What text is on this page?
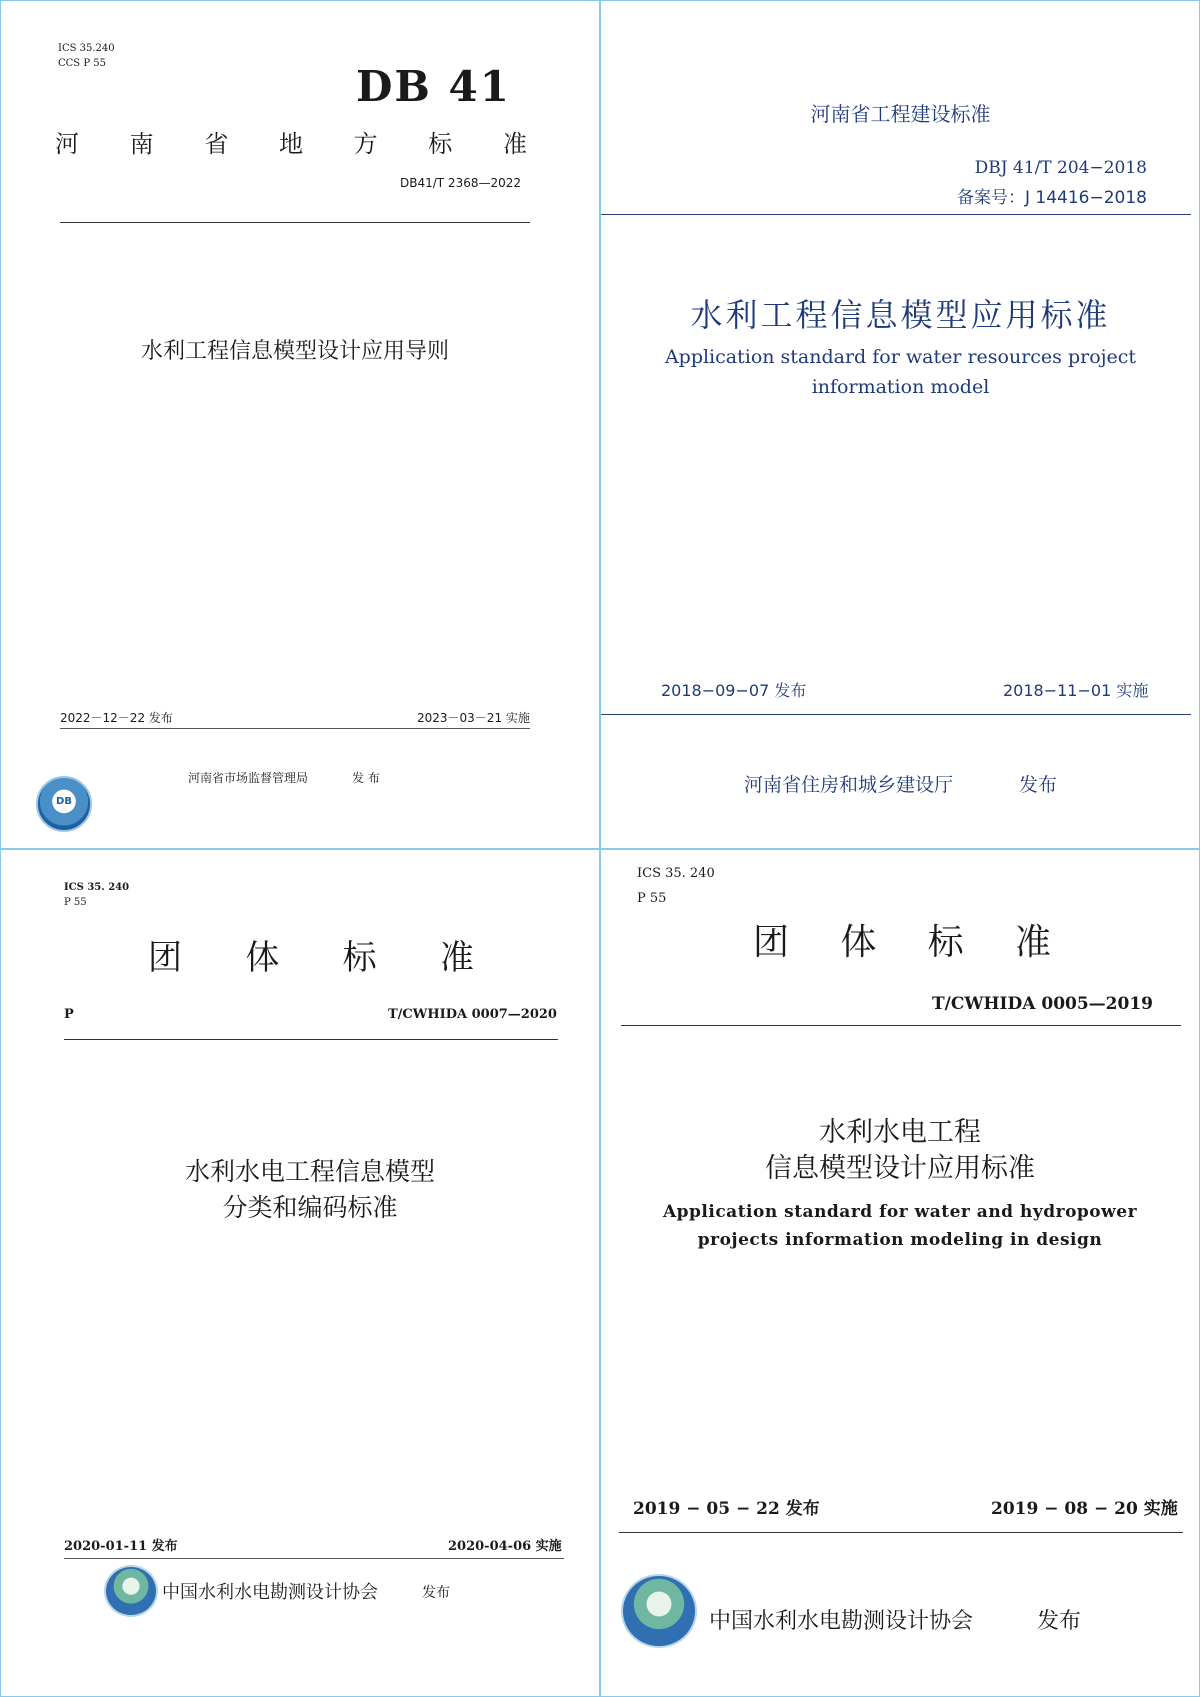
ICS 35.240
CCS P 55	DB 41
河 南 省 地 方 标 准
DB41/T 2368—2022
水利工程信息模型设计应用导则
2022－12－22 发布	2023－03－21 实施
DB
河南省市场监督管理局	发 布
河南省工程建设标准
DBJ 41/T 204−2018
备案号：J 14416−2018
水利工程信息模型应用标准
Application standard for water resources project
information model
2018−09−07 发布	2018−11−01 实施
河南省住房和城乡建设厅	发布
ICS 35. 240
P 55
团 体 标 准
P	T/CWHIDA 0007—2020
水利水电工程信息模型
分类和编码标准
2020-01-11 发布	2020-04-06 实施
中国水利水电勘测设计协会	发布
ICS 35. 240
P 55
团 体 标 准
T/CWHIDA 0005—2019
水利水电工程
信息模型设计应用标准
Application standard for water and hydropower
projects information modeling in design
2019 − 05 − 22 发布	2019 − 08 − 20 实施
中国水利水电勘测设计协会	发布
